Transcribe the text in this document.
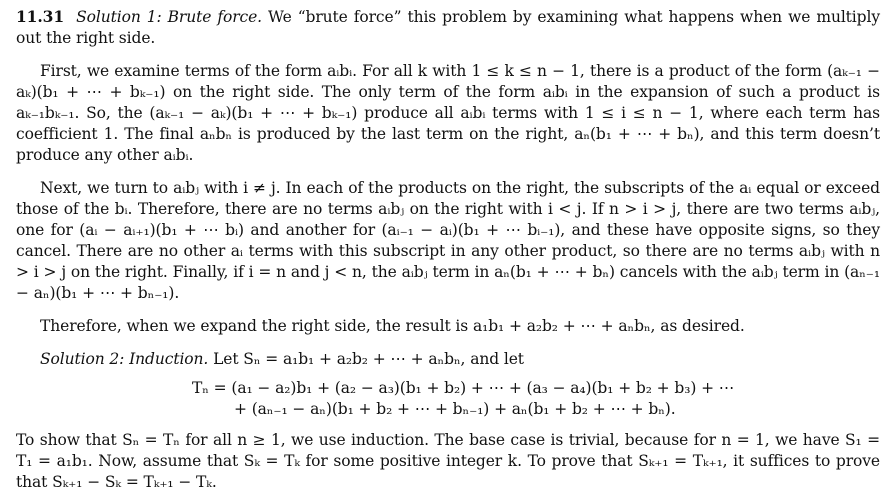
11.31 Solution 1: Brute force. We “brute force” this problem by examining what happens when we multiply out the right side.

First, we examine terms of the form aᵢbᵢ. For all k with 1 ≤ k ≤ n − 1, there is a product of the form (aₖ₋₁ − aₖ)(b₁ + ⋯ + bₖ₋₁) on the right side. The only term of the form aᵢbᵢ in the expansion of such a product is aₖ₋₁bₖ₋₁. So, the (aₖ₋₁ − aₖ)(b₁ + ⋯ + bₖ₋₁) produce all aᵢbᵢ terms with 1 ≤ i ≤ n − 1, where each term has coefficient 1. The final aₙbₙ is produced by the last term on the right, aₙ(b₁ + ⋯ + bₙ), and this term doesn’t produce any other aᵢbᵢ.

Next, we turn to aᵢbⱼ with i ≠ j. In each of the products on the right, the subscripts of the aᵢ equal or exceed those of the bᵢ. Therefore, there are no terms aᵢbⱼ on the right with i < j. If n > i > j, there are two terms aᵢbⱼ, one for (aᵢ − aᵢ₊₁)(b₁ + ⋯ bᵢ) and another for (aᵢ₋₁ − aᵢ)(b₁ + ⋯ bᵢ₋₁), and these have opposite signs, so they cancel. There are no other aᵢ terms with this subscript in any other product, so there are no terms aᵢbⱼ with n > i > j on the right. Finally, if i = n and j < n, the aᵢbⱼ term in aₙ(b₁ + ⋯ + bₙ) cancels with the aᵢbⱼ term in (aₙ₋₁ − aₙ)(b₁ + ⋯ + bₙ₋₁).

Therefore, when we expand the right side, the result is a₁b₁ + a₂b₂ + ⋯ + aₙbₙ, as desired.

Solution 2: Induction. Let Sₙ = a₁b₁ + a₂b₂ + ⋯ + aₙbₙ, and let

Tₙ = (a₁ − a₂)b₁ + (a₂ − a₃)(b₁ + b₂) + ⋯ + (a₃ − a₄)(b₁ + b₂ + b₃) + ⋯
+ (aₙ₋₁ − aₙ)(b₁ + b₂ + ⋯ + bₙ₋₁) + aₙ(b₁ + b₂ + ⋯ + bₙ).

To show that Sₙ = Tₙ for all n ≥ 1, we use induction. The base case is trivial, because for n = 1, we have S₁ = T₁ = a₁b₁. Now, assume that Sₖ = Tₖ for some positive integer k. To prove that Sₖ₊₁ = Tₖ₊₁, it suffices to prove that Sₖ₊₁ − Sₖ = Tₖ₊₁ − Tₖ.
